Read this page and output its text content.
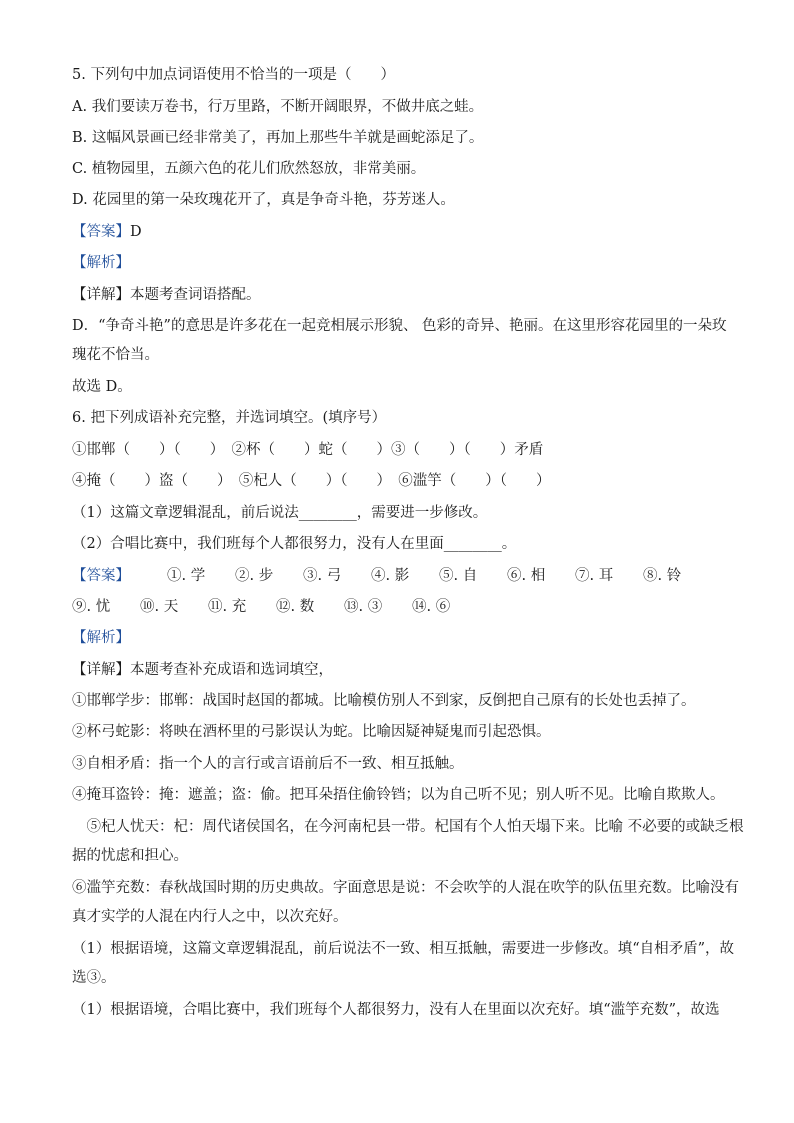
5. 下列句中加点词语使用不恰当的一项是（　　）
A. 我们要读万卷书，行万里路，不断开阔眼界，不做井底之蛙。
B. 这幅风景画已经非常美了，再加上那些牛羊就是画蛇添足了。
C. 植物园里，五颜六色的花儿们欣然怒放，非常美丽。
D. 花园里的第一朵玫瑰花开了，真是争奇斗艳，芬芳迷人。
【答案】D
【解析】
【详解】本题考查词语搭配。
D．“争奇斗艳”的意思是许多花在一起竞相展示形貌、 色彩的奇异、艳丽。在这里形容花园里的一朵玫
瑰花不恰当。
故选 D。
6. 把下列成语补充完整，并选词填空。(填序号）
①邯郸（　　）（　　）　②杯（　　）蛇（　　）③（　　）（　　）矛盾
④掩（　　）盗（　　）　⑤杞人（　　）（　　）　⑥滥竽（　　）（　　）
（1）这篇文章逻辑混乱，前后说法________，需要进一步修改。
（2）合唱比赛中，我们班每个人都很努力，没有人在里面________。
【答案】	①. 学	②. 步	③. 弓	④. 影	⑤. 自	⑥. 相	⑦. 耳	⑧. 铃
⑨. 忧	⑩. 天	⑪. 充	⑫. 数	⑬. ③	⑭. ⑥
【解析】
【详解】本题考查补充成语和选词填空，
①邯郸学步：邯郸：战国时赵国的都城。比喻模仿别人不到家，反倒把自己原有的长处也丢掉了。
②杯弓蛇影：将映在酒杯里的弓影误认为蛇。比喻因疑神疑鬼而引起恐惧。
③自相矛盾：指一个人的言行或言语前后不一致、相互抵触。
④掩耳盗铃：掩：遮盖；盗：偷。把耳朵捂住偷铃铛；以为自己听不见；别人听不见。比喻自欺欺人。
　⑤杞人忧天：杞：周代诸侯国名，在今河南杞县一带。杞国有个人怕天塌下来。比喻 不必要的或缺乏根
据的忧虑和担心。
⑥滥竽充数：春秋战国时期的历史典故。字面意思是说：不会吹竽的人混在吹竽的队伍里充数。比喻没有
真才实学的人混在内行人之中，以次充好。
（1）根据语境，这篇文章逻辑混乱，前后说法不一致、相互抵触，需要进一步修改。填“自相矛盾”，故
选③。
（1）根据语境，合唱比赛中，我们班每个人都很努力，没有人在里面以次充好。填“滥竽充数”，故选
